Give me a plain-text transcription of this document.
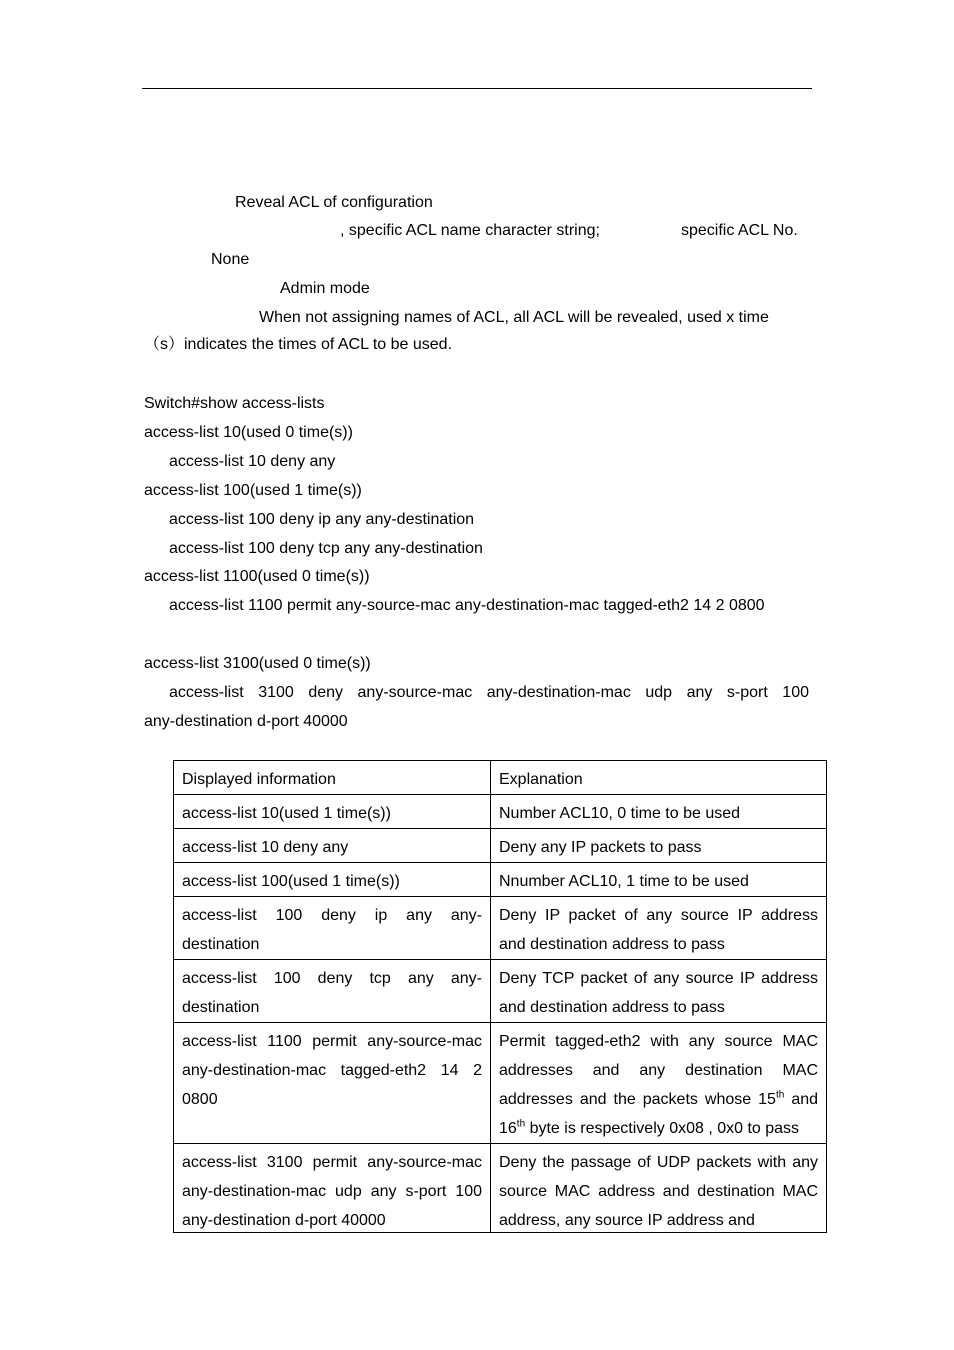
Reveal ACL of configuration
, specific ACL name character string;	specific ACL No.
None
Admin mode
When not assigning names of ACL, all ACL will be revealed, used x time
（s）indicates the times of ACL to be used.
Switch#show access-lists
access-list 10(used 0 time(s))
access-list 10 deny any
access-list 100(used 1 time(s))
access-list 100 deny ip any any-destination
access-list 100 deny tcp any any-destination
access-list 1100(used 0 time(s))
access-list 1100 permit any-source-mac any-destination-mac tagged-eth2 14 2 0800
access-list 3100(used 0 time(s))
access-list 3100 deny any-source-mac any-destination-mac udp any s-port 100
any-destination d-port 40000
Displayed information	Explanation
access-list 10(used 1 time(s))	Number ACL10, 0 time to be used
access-list 10 deny any	Deny any IP packets to pass
access-list 100(used 1 time(s))	Nnumber ACL10, 1 time to be used
access-list 100 deny ip any any-destination	Deny IP packet of any source IP address and destination address to pass
access-list 100 deny tcp any any-destination	Deny TCP packet of any source IP address and destination address to pass
access-list 1100 permit any-source-mac any-destination-mac tagged-eth2 14 2 0800	Permit tagged-eth2 with any source MAC addresses and any destination MAC addresses and the packets whose 15th and 16th byte is respectively 0x08 , 0x0 to pass

access-list 3100 permit any-source-mac any-destination-mac udp any s-port 100 any-destination d-port 40000	Deny the passage of UDP packets with any source MAC address and destination MAC address, any source IP address and
